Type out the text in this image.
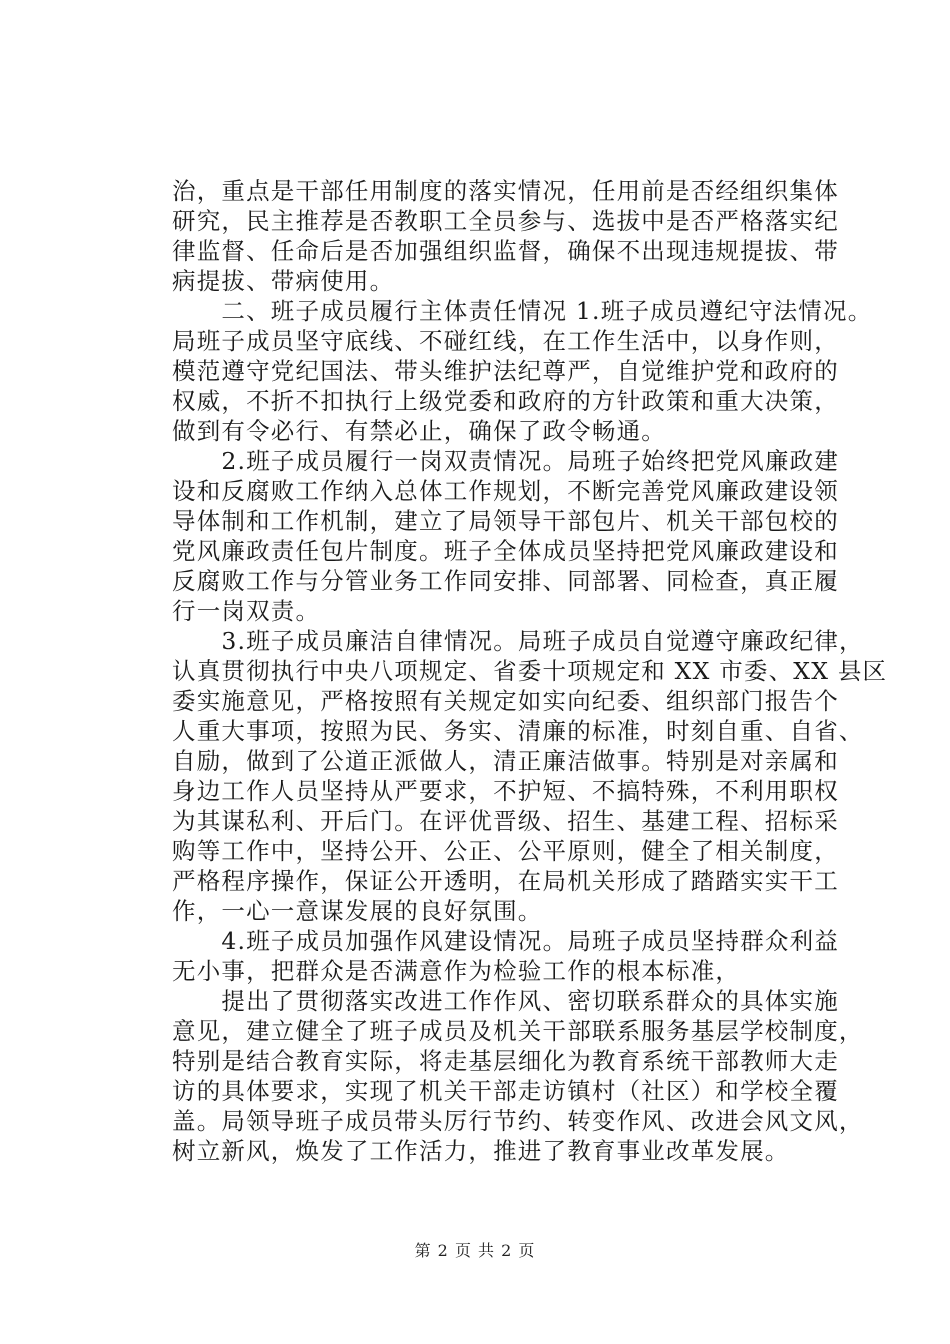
治，重点是干部任用制度的落实情况，任用前是否经组织集体
研究，民主推荐是否教职工全员参与、选拔中是否严格落实纪
律监督、任命后是否加强组织监督，确保不出现违规提拔、带
病提拔、带病使用。
　　二、班子成员履行主体责任情况 1.班子成员遵纪守法情况。
局班子成员坚守底线、不碰红线，在工作生活中，以身作则，
模范遵守党纪国法、带头维护法纪尊严，自觉维护党和政府的
权威，不折不扣执行上级党委和政府的方针政策和重大决策，
做到有令必行、有禁必止，确保了政令畅通。
　　2.班子成员履行一岗双责情况。局班子始终把党风廉政建
设和反腐败工作纳入总体工作规划，不断完善党风廉政建设领
导体制和工作机制，建立了局领导干部包片、机关干部包校的
党风廉政责任包片制度。班子全体成员坚持把党风廉政建设和
反腐败工作与分管业务工作同安排、同部署、同检查，真正履
行一岗双责。
　　3.班子成员廉洁自律情况。局班子成员自觉遵守廉政纪律，
认真贯彻执行中央八项规定、省委十项规定和 XX 市委、XX 县区
委实施意见，严格按照有关规定如实向纪委、组织部门报告个
人重大事项，按照为民、务实、清廉的标准，时刻自重、自省、
自励，做到了公道正派做人，清正廉洁做事。特别是对亲属和
身边工作人员坚持从严要求，不护短、不搞特殊，不利用职权
为其谋私利、开后门。在评优晋级、招生、基建工程、招标采
购等工作中，坚持公开、公正、公平原则，健全了相关制度，
严格程序操作，保证公开透明，在局机关形成了踏踏实实干工
作，一心一意谋发展的良好氛围。
　　4.班子成员加强作风建设情况。局班子成员坚持群众利益
无小事，把群众是否满意作为检验工作的根本标准，
　　提出了贯彻落实改进工作作风、密切联系群众的具体实施
意见，建立健全了班子成员及机关干部联系服务基层学校制度，
特别是结合教育实际，将走基层细化为教育系统干部教师大走
访的具体要求，实现了机关干部走访镇村（社区）和学校全覆
盖。局领导班子成员带头厉行节约、转变作风、改进会风文风，
树立新风，焕发了工作活力，推进了教育事业改革发展。
第 2 页 共 2 页
